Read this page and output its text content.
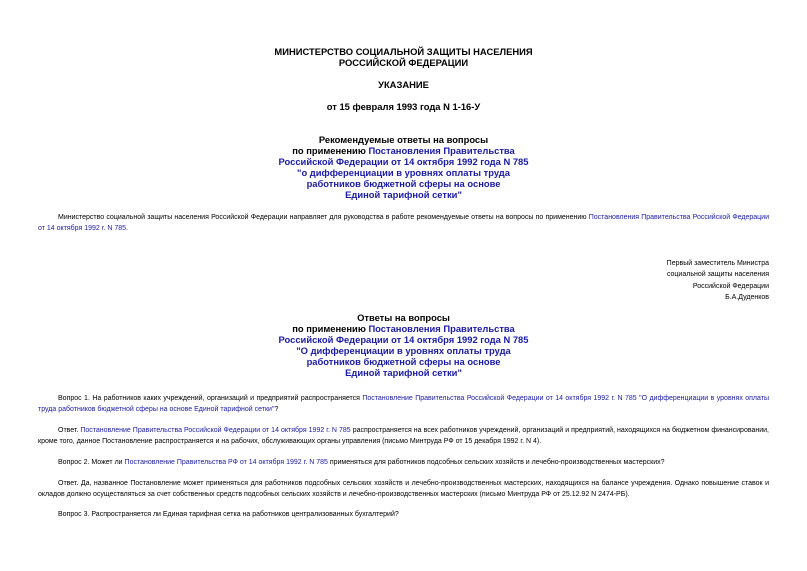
МИНИСТЕРСТВО СОЦИАЛЬНОЙ ЗАЩИТЫ НАСЕЛЕНИЯ
РОССИЙСКОЙ ФЕДЕРАЦИИ
УКАЗАНИЕ
от 15 февраля 1993 года N 1-16-У
Рекомендуемые ответы на вопросы
по применению Постановления Правительства
Российской Федерации от 14 октября 1992 года N 785
"о дифференциации в уровнях оплаты труда
работников бюджетной сферы на основе
Единой тарифной сетки"
Министерство социальной защиты населения Российской Федерации направляет для руководства в работе рекомендуемые ответы на вопросы по применению Постановления Правительства Российской Федерации от 14 октября 1992 г. N 785.
Первый заместитель Министра
социальной защиты населения
Российской Федерации
Б.А.Дуденков
Ответы на вопросы
по применению Постановления Правительства
Российской Федерации от 14 октября 1992 года N 785
"О дифференциации в уровнях оплаты труда
работников бюджетной сферы на основе
Единой тарифной сетки"
Вопрос 1. На работников каких учреждений, организаций и предприятий распространяется Постановление Правительства Российской Федерации от 14 октября 1992 г. N 785 "О дифференциации в уровнях оплаты труда работников бюджетной сферы на основе Единой тарифной сетки"?
Ответ. Постановление Правительства Российской Федерации от 14 октября 1992 г. N 785 распространяется на всех работников учреждений, организаций и предприятий, находящихся на бюджетном финансировании, кроме того, данное Постановление распространяется и на рабочих, обслуживающих органы управления (письмо Минтруда РФ от 15 декабря 1992 г. N 4).
Вопрос 2. Может ли Постановление Правительства РФ от 14 октября 1992 г. N 785 применяться для работников подсобных сельских хозяйств и лечебно-производственных мастерских?
Ответ. Да, названное Постановление может применяться для работников подсобных сельских хозяйств и лечебно-производственных мастерских, находящихся на балансе учреждения. Однако повышение ставок и окладов должно осуществляться за счет собственных средств подсобных сельских хозяйств и лечебно-производственных мастерских (письмо Минтруда РФ от 25.12.92 N 2474-РБ).
Вопрос 3. Распространяется ли Единая тарифная сетка на работников централизованных бухгалтерий?
